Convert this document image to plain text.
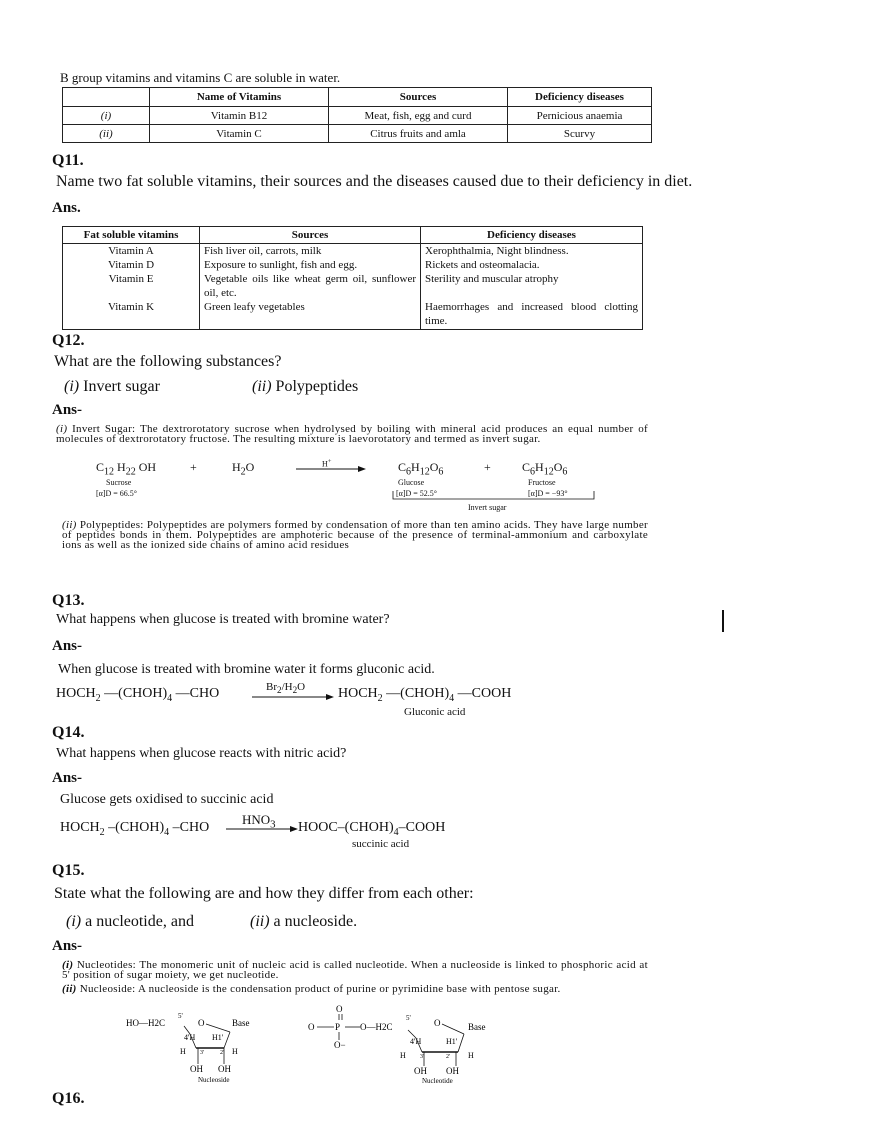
B group vitamins and vitamins C are soluble in water.
	Name of Vitamins	Sources	Deficiency diseases
(i)	Vitamin B12	Meat, fish, egg and curd	Pernicious anaemia
(ii)	Vitamin C	Citrus fruits and amla	Scurvy
Q11.
Name two fat soluble vitamins, their sources and the diseases caused due to their deficiency in diet.
Ans.
Fat soluble vitamins	Sources	Deficiency diseases
Vitamin A	Fish liver oil, carrots, milk	Xerophthalmia, Night blindness.
Vitamin D	Exposure to sunlight, fish and egg.	Rickets and osteomalacia.
Vitamin E	Vegetable oils like wheat germ oil, sunflower oil, etc.	Sterility and muscular atrophy
Vitamin K	Green leafy vegetables	Haemorrhages and increased blood clotting time.
Q12.
What are the following substances?
(i) Invert sugar	(ii) Polypeptides
Ans-
(i) Invert Sugar: The dextrorotatory sucrose when hydrolysed by boiling with mineral acid produces an equal number of molecules of dextrorotatory fructose. The resulting mixture is laevorotatory and termed as invert sugar.
$C_{12}$ $H_{22}$ OH	+	$H_2O$	H+	$C_6H_{12}O_6$	+	$C_6H_{12}O_6$
Sucrose
[α]D = 66.5°
Glucose
[α]D = 52.5°
Fructose
[α]D = −93°
Invert sugar
(ii) Polypeptides: Polypeptides are polymers formed by condensation of more than ten amino acids. They have large number of peptides bonds in them. Polypeptides are amphoteric because of the presence of terminal-ammonium and carboxylate ions as well as the ionized side chains of amino acid residues
Q13.
What happens when glucose is treated with bromine water?
Ans-
When glucose is treated with bromine water it forms gluconic acid.
$HOCH_2$ $—(CHOH)_4$ —CHO	$Br_2/H_2O$ $HOCH_2$ $—(CHOH)_4$ —COOH
Gluconic acid
Q14.
What happens when glucose reacts with nitric acid?
Ans-
Glucose gets oxidised to succinic acid
$HOCH_2$ $-(CHOH)_4$ –CHO
$HNO_3$ HOOC–$(CHOH)_4$–COOH
succinic acid
Q15.
State what the following are and how they differ from each other:
(i) a nucleotide, and	(ii) a nucleoside.
Ans-
(i) Nucleotides: The monomeric unit of nucleic acid is called nucleotide. When a nucleoside is linked to phosphoric acid at 5' position of sugar moiety, we get nucleotide.
(ii) Nucleoside: A nucleoside is the condensation product of purine or pyrimidine base with pentose sugar.
5'
HO—H2C	O	Base
4'H H1'
H 3'	2' H
OH OH
Nucleoside
O
O P O—H2C
O−
5'	O	Base
4'H	H1'
H 3'	2' H
OH OH
Nucleotide
Q16.
